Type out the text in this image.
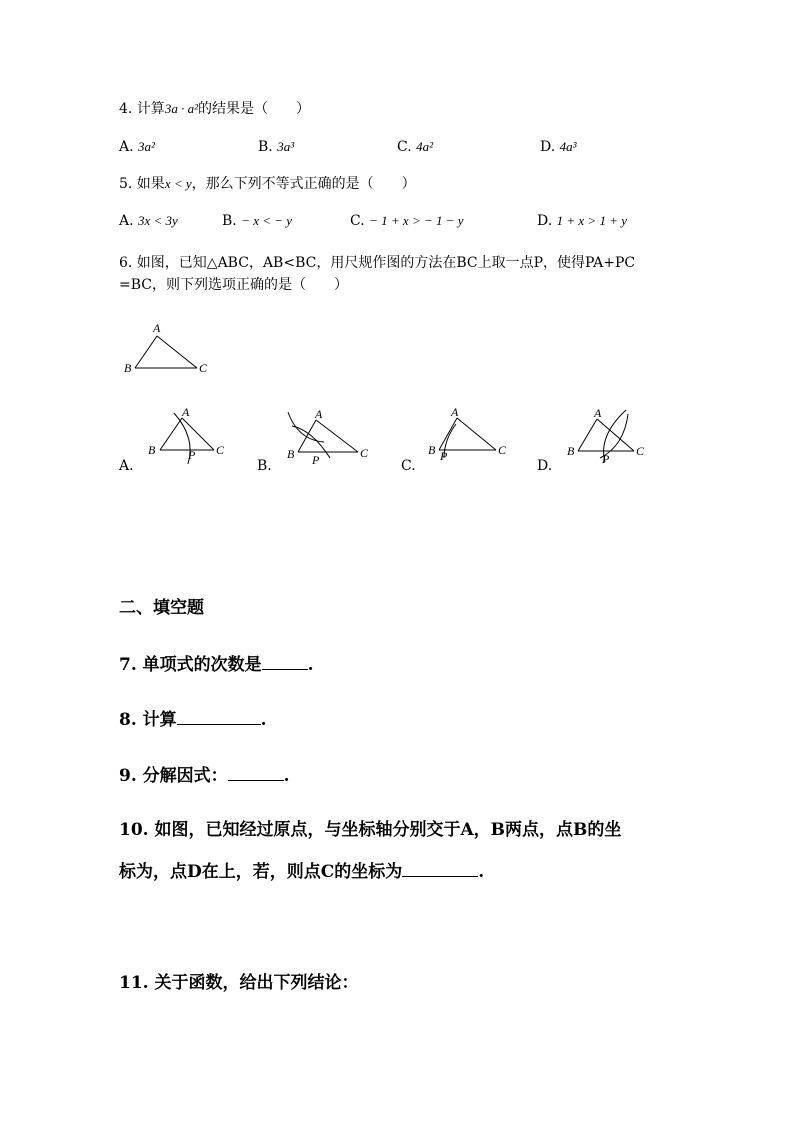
4. 计算3a · a²的结果是（　　）
A. 3a²	B. 3a³	C. 4a²	D. 4a³
5. 如果x < y，那么下列不等式正确的是（　　）
A. 3x < 3y	B. − x < − y	C. − 1 + x > − 1 − y	D. 1 + x > 1 + y
6. 如图，已知△ABC，AB<BC，用尺规作图的方法在BC上取一点P，使得PA+PC
=BC，则下列选项正确的是（　　）
A
B	C
A
B	C
P
A
B	C
P
A
B	C
P
A
B	C
P
A.	B.	C.	D.
二、填空题
7. 单项式的次数是	.
8. 计算	.
9. 分解因式：	.
10. 如图，已知经过原点，与坐标轴分别交于A，B两点，点B的坐
标为，点D在上，若，则点C的坐标为	.
11. 关于函数，给出下列结论：
